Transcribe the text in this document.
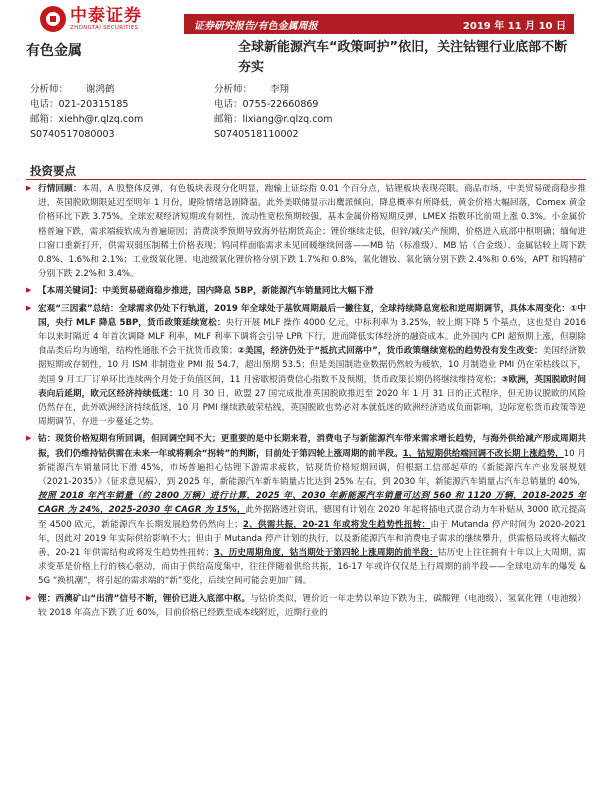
中泰证券
ZHONGTAI SECURITIES	证券研究报告/有色金属周报	2019 年 11 月 10 日
有色金属	全球新能源汽车“政策呵护”依旧，关注钴锂行业底部不断夯实
分析师： 谢鸿鹤
电话：021-20315185
邮箱：xiehh@r.qlzq.com
S0740517080003
分析师： 李翔
电话：0755-22660869
邮箱：lixiang@r.qlzq.com
S0740518110002
投资要点
▶ 行情回顾：本周，A 股整体反弹，有色板块表现分化明显，跑输上证综指 0.01 个百分点，钴锂板块表现亮眼。商品市场，中美贸易磋商稳步推进，英国脱欧期限延迟至明年 1 月份，避险情绪急剧降温，此外美联储显示出鹰派倾向，降息概率有所降低，黄金价格大幅回落，Comex 黄金价格环比下跌 3.75%。全球宏观经济短期或有韧性，流动性宽松预期较强，基本金属价格短期反弹，LMEX 指数环比前周上涨 0.3%。小金属价格普遍下跌，需求端疲软成为普遍原因；消费淡季预期导致海外钴期货高企；锂价继续走低，但锌/减/关产预期，价格进入底部中枢明确；缅甸进口窗口重新打开，供需双弱压制稀土价格表现；钨同样面临需求未见回暖继续回落——MB 钴（标准级）、MB 钴（合金级）、金属钴较上周下跌 0.8%、1.6%和 2.1%；工业级氧化锂、电池级氧化锂价格分别下跌 1.7%和 0.8%，氧化镨钕、氧化镝分别下跌 2.4%和 0.6%，APT 和钨精矿分别下跌 2.2%和 3.4%。
▶ 【本周关键词】：中美贸易磋商稳步推进，国内降息 5BP，新能源汽车销量同比大幅下滑
▶ 宏观“三因素”总结：全球需求仍处下行轨道，2019 年全球处于基钦周期最后一撇往复，全球持续降息宽松和逆周期调节，具体本周变化：①中国，央行 MLF 降息 5BP，货币政策延续宽松：央行开展 MLF 操作 4000 亿元，中标利率为 3.25%，较上期下降 5 个基点，这也是自 2016 年以来时隔近 4 年首次调降 MLF 利率，MLF 利率下调将会引导 LPR 下行，进而降低实体经济的融资成本。此外国内 CPI 超预期上涨，但剔除食品类后均为通缩，结构性通胀不会干扰货币政策；②美国，经济仍处于“抵抗式回落中”，货币政策继续宽松的趋势没有发生改变：美国经济数据短期或存韧性，10 月 ISM 非制造业 PMI 报 54.7，超出预期 53.5；但是美国制造业数据仍然较为疲软，10 月制造业 PMI 仍在荣枯线以下，美国 9 月工厂订单环比连续两个月处于负值区间，11 月密歇根消费信心指数不及预期，货币政策长期仍将继续维持宽松；③欧洲，英国脱欧时间表向后延期，欧元区经济持续低迷：10 月 30 日，欧盟 27 国完成批准英国脱欧推迟至 2020 年 1 月 31 日的正式程序，但无协议脱欧的风险仍然存在，此外欧洲经济持续低迷，10 月 PMI 继续跌破荣枯线，英国脱欧也势必对本就低迷的欧洲经济造成负面影响，边际宽松货币政策等逆周期调节，存进一步蔓延之势。
▶ 钴：现货价格短期有所回调，但回调空间不大；更重要的是中长期来看，消费电子与新能源汽车带来需求增长趋势，与海外供给减产形成周期共振，我们仍维持钴供需在未来一年或将剩余“拐转”的判断，目前处于第四轮上涨周期的前半段。1、钴短期供给端回调不改长期上涨趋势，10 月新能源汽车销量同比下滑 45%，市场普遍担心钴锂下游需求疲软，钴现货价格短期回调，但根据工信部起草的《新能源汽车产业发展规划（2021-2035）》（征求意见稿），到 2025 年，新能源汽车新车销量占比达到 25% 左右，到 2030 年，新能源汽车销量占汽车总销量的 40%，按照 2018 年汽车销量（约 2800 万辆）进行计算，2025 年、2030 年新能源汽车销量可达到 560 和 1120 万辆，2018-2025 年 CAGR 为 24%，2025-2030 年 CAGR 为 15%，此外据路透社资讯，德国有计划在 2020 年起将插电式混合动力车补贴从 3000 欧元提高至 4500 欧元，新能源汽车长期发展趋势仍然向上；2、供需共振，20-21 年或将发生趋势性扭转：由于 Mutanda 停产时间为 2020-2021 年，因此对 2019 年实际供给影响不大；但由于 Mutanda 停产计划的执行，以及新能源汽车和消费电子需求的继续攀升，供需格局或将大幅改善，20-21 年供需结构或将发生趋势性扭转；3、历史周期角度，钴当期处于第四轮上涨周期的前半段：钴历史上往往拥有十年以上大周期，需求变革是价格上行的核心驱动，而由于供给高度集中，往往伴随着供给共振，16-17 年或许仅仅是上行周期的前半段——全球电动车的爆发 & 5G “换机潮”，将引起的需求端的“新”变化，后续空间可能会更加广阔。
▶ 锂：西澳矿山“出清”信号不断，锂价已进入底部中枢。与钴价类似，锂价近一年走势以单边下跌为主，碳酸锂（电池级）、氢氧化锂（电池级）较 2018 年高点下跌了近 60%，目前价格已经跌至成本线附近，近期行业的
